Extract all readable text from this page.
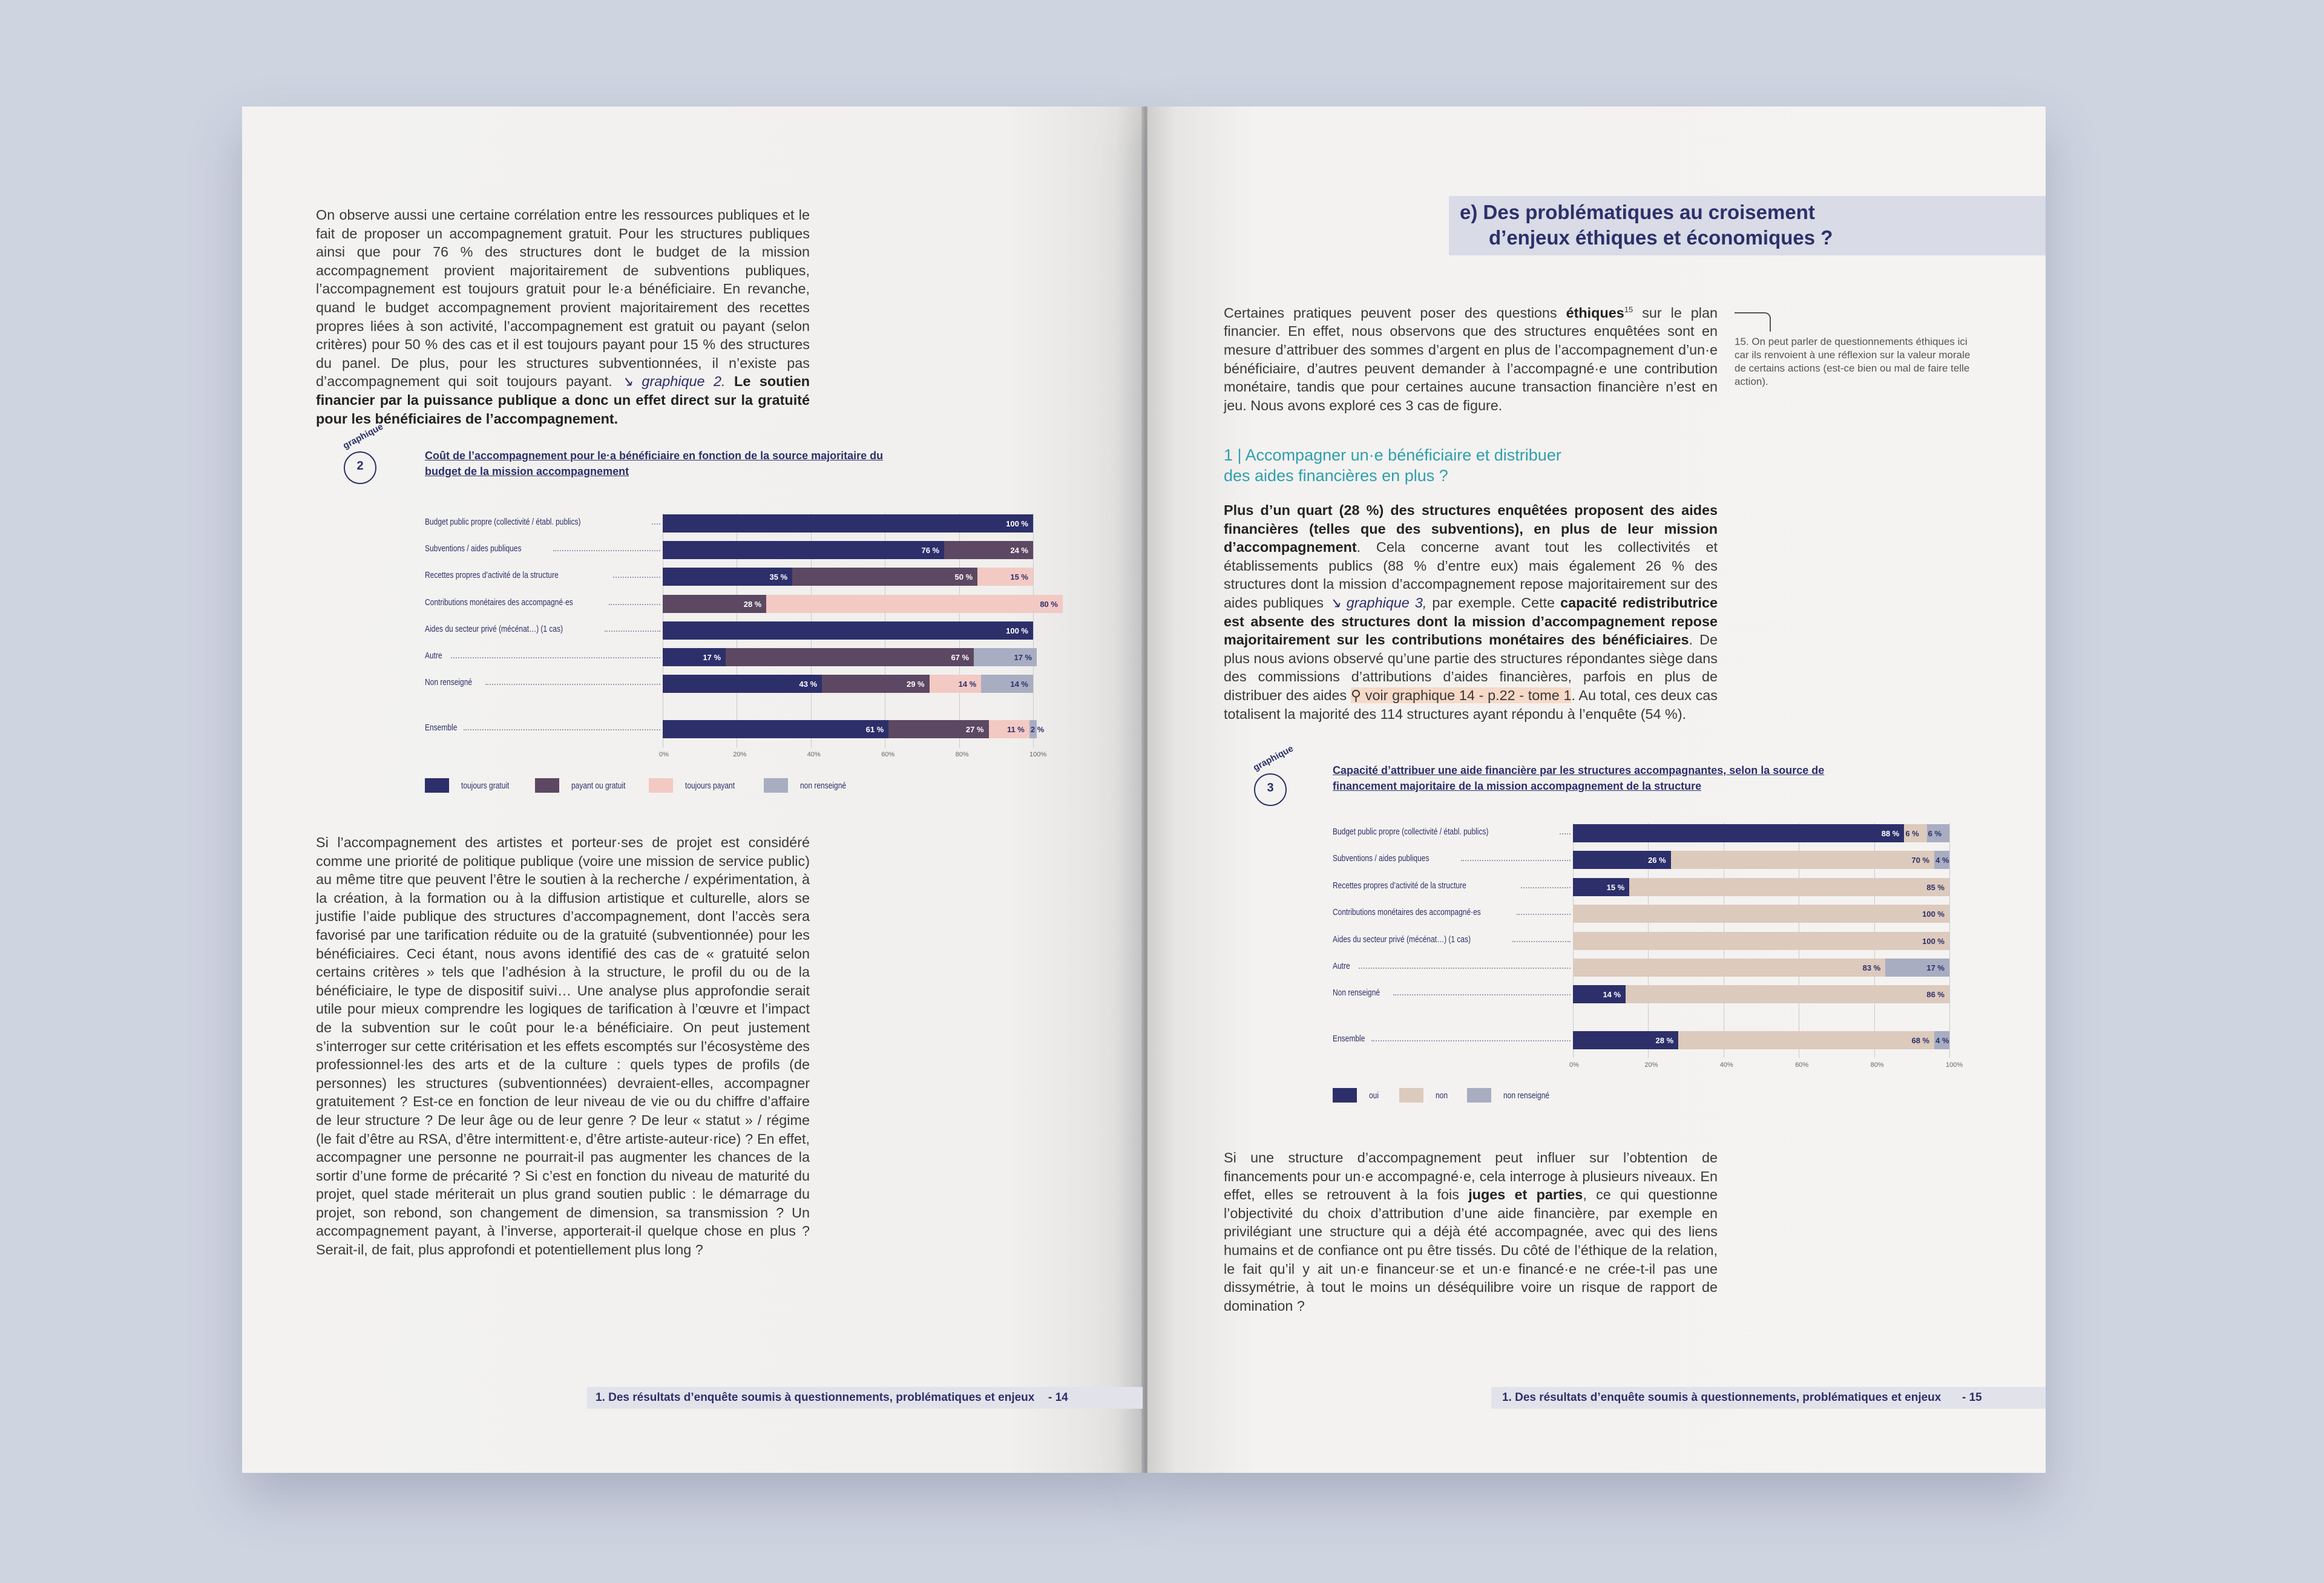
On observe aussi une certaine corrélation entre les ressources publiques et le fait de proposer un accompagnement gratuit. Pour les structures publiques ainsi que pour 76 % des structures dont le budget de la mission accompagnement provient majoritairement de subventions publiques, l’accompagnement est toujours gratuit pour le·a bénéficiaire. En revanche, quand le budget accompagnement provient majoritairement des recettes propres liées à son activité, l’accompagnement est gratuit ou payant (selon critères) pour 50 % des cas et il est toujours payant pour 15 % des structures du panel. De plus, pour les structures subventionnées, il n’existe pas d’accompagnement qui soit toujours payant. ↘ graphique 2. Le soutien financier par la puissance publique a donc un effet direct sur la gratuité pour les bénéficiaires de l’accompagnement.

graphique
2
Coût de l’accompagnement pour le·a bénéficiaire en fonction de la source majoritaire du budget de la mission accompagnement
0%	20%	40%	60%	80%	100%
Budget public propre (collectivité / établ. publics)	100 %
Subventions / aides publiques	76 %	24 %
Recettes propres d’activité de la structure	35 %	50 %	15 %
Contributions monétaires des accompagné·es	28 %	80 %
Aides du secteur privé (mécénat…) (1 cas)	100 %
Autre	17 %	67 %	17 %
Non renseigné	43 %	29 %	14 %	14 %
Ensemble	61 %	27 %	11 % 2 %
toujours gratuit	payant ou gratuit	toujours payant	non renseigné

Si l’accompagnement des artistes et porteur·ses de projet est considéré comme une priorité de politique publique (voire une mission de service public) au même titre que peuvent l’être le soutien à la recherche / expérimentation, à la création, à la formation ou à la diffusion artistique et culturelle, alors se justifie l’aide publique des structures d’accompagnement, dont l’accès sera favorisé par une tarification réduite ou de la gratuité (subventionnée) pour les bénéficiaires. Ceci étant, nous avons identifié des cas de « gratuité selon certains critères » tels que l’adhésion à la structure, le profil du ou de la bénéficiaire, le type de dispositif suivi… Une analyse plus approfondie serait utile pour mieux comprendre les logiques de tarification à l’œuvre et l’impact de la subvention sur le coût pour le·a bénéficiaire. On peut justement s’interroger sur cette critérisation et les effets escomptés sur l’écosystème des professionnel·les des arts et de la culture : quels types de profils (de personnes) les structures (subventionnées) devraient-elles, accompagner gratuitement ? Est-ce en fonction de leur niveau de vie ou du chiffre d’affaire de leur structure ? De leur âge ou de leur genre ? De leur « statut » / régime (le fait d’être au RSA, d’être intermittent·e, d’être artiste-auteur·rice) ? En effet, accompagner une personne ne pourrait-il pas augmenter les chances de la sortir d’une forme de précarité ? Si c’est en fonction du niveau de maturité du projet, quel stade mériterait un plus grand soutien public : le démarrage du projet, son rebond, son changement de dimension, sa transmission ? Un accompagnement payant, à l’inverse, apporterait-il quelque chose en plus ? Serait-il, de fait, plus approfondi et potentiellement plus long ?

1. Des résultats d’enquête soumis à questionnements, problématiques et enjeux - 14
e) Des problématiques au croisement
d’enjeux éthiques et économiques ?

Certaines pratiques peuvent poser des questions éthiques$^{15}$ sur le plan financier. En effet, nous observons que des structures enquêtées sont en mesure d’attribuer des sommes d’argent en plus de l’accompagnement d’un·e bénéficiaire, d’autres peuvent demander à l’accompagné·e une contribution monétaire, tandis que pour certaines aucune transaction financière n’est en jeu. Nous avons exploré ces 3 cas de figure.

15. On peut parler de questionnements éthiques ici car ils renvoient à une réflexion sur la valeur morale de certains actions (est-ce bien ou mal de faire telle action).
1 | Accompagner un·e bénéficiaire et distribuer
des aides financières en plus ?

Plus d’un quart (28 %) des structures enquêtées proposent des aides financières (telles que des subventions), en plus de leur mission d’accompagnement. Cela concerne avant tout les collectivités et établissements publics (88 % d’entre eux) mais également 26 % des structures dont la mission d’accompagnement repose majoritairement sur des aides publiques ↘ graphique 3, par exemple. Cette capacité redistributrice est absente des structures dont la mission d’accompagnement repose majoritairement sur les contributions monétaires des bénéficiaires. De plus nous avions observé qu’une partie des structures répondantes siège dans des commissions d’attributions d’aides financières, parfois en plus de distribuer des aides ⚲ voir graphique 14 - p.22 - tome 1. Au total, ces deux cas totalisent la majorité des 114 structures ayant répondu à l’enquête (54 %).

graphique
3
Capacité d’attribuer une aide financière par les structures accompagnantes, selon la source de financement majoritaire de la mission accompagnement de la structure
0%	20%	40%	60%	80%	100%
Budget public propre (collectivité / établ. publics)	88 % 6 % 6 %
Subventions / aides publiques	26 %	70 % 4 %
Recettes propres d’activité de la structure	15 %	85 %
Contributions monétaires des accompagné·es	100 %
Aides du secteur privé (mécénat…) (1 cas)	100 %
Autre	83 %	17 %
Non renseigné	14 %	86 %
Ensemble	28 %	68 % 4 %
oui	non	non renseigné

Si une structure d’accompagnement peut influer sur l’obtention de financements pour un·e accompagné·e, cela interroge à plusieurs niveaux. En effet, elles se retrouvent à la fois juges et parties, ce qui questionne l’objectivité du choix d’attribution d’une aide financière, par exemple en privilégiant une structure qui a déjà été accompagnée, avec qui des liens humains et de confiance ont pu être tissés. Du côté de l’éthique de la relation, le fait qu’il y ait un·e financeur·se et un·e financé·e ne crée-t-il pas une dissymétrie, à tout le moins un déséquilibre voire un risque de rapport de domination ?

1. Des résultats d’enquête soumis à questionnements, problématiques et enjeux - 15
